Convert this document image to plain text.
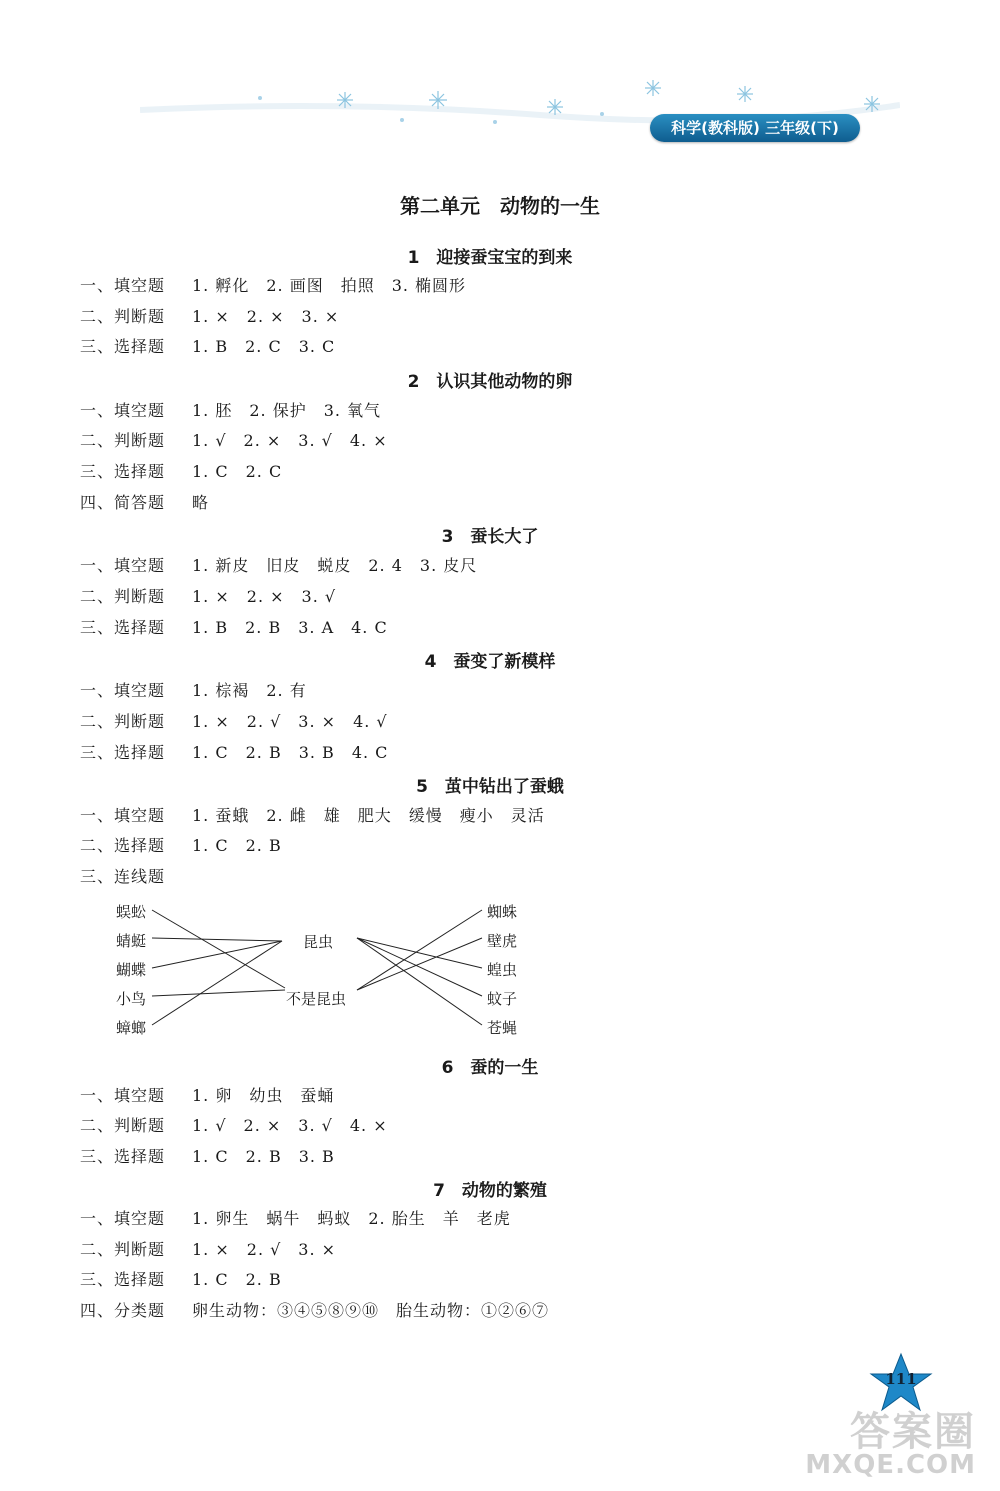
科学(教科版) 三年级(下)
第二单元　动物的一生
1　迎接蚕宝宝的到来
一、填空题 1. 孵化　2. 画图　拍照　3. 椭圆形
二、判断题 1. ×　2. ×　3. ×
三、选择题 1. B　2. C　3. C
2　认识其他动物的卵
一、填空题 1. 胚　2. 保护　3. 氧气
二、判断题 1. √　2. ×　3. √　4. ×
三、选择题 1. C　2. C
四、简答题 略
3　蚕长大了
一、填空题 1. 新皮　旧皮　蜕皮　2. 4　3. 皮尺
二、判断题 1. ×　2. ×　3. √
三、选择题 1. B　2. B　3. A　4. C
4　蚕变了新模样
一、填空题 1. 棕褐　2. 有
二、判断题 1. ×　2. √　3. ×　4. √
三、选择题 1. C　2. B　3. B　4. C
5　茧中钻出了蚕蛾
一、填空题 1. 蚕蛾　2. 雌　雄　肥大　缓慢　瘦小　灵活
二、选择题 1. C　2. B
三、连线题
蜈蚣
蜻蜓
蝴蝶
小鸟
蟑螂
昆虫
不是昆虫
蜘蛛
壁虎
蝗虫
蚊子
苍蝇
6　蚕的一生
一、填空题 1. 卵　幼虫　蚕蛹
二、判断题 1. √　2. ×　3. √　4. ×
三、选择题 1. C　2. B　3. B
7　动物的繁殖
一、填空题 1. 卵生　蜗牛　蚂蚁　2. 胎生　羊　老虎
二、判断题 1. ×　2. √　3. ×
三、选择题 1. C　2. B
四、分类题 卵生动物：③④⑤⑧⑨⑩　胎生动物：①②⑥⑦
111
答案圈
MXQE.COM
